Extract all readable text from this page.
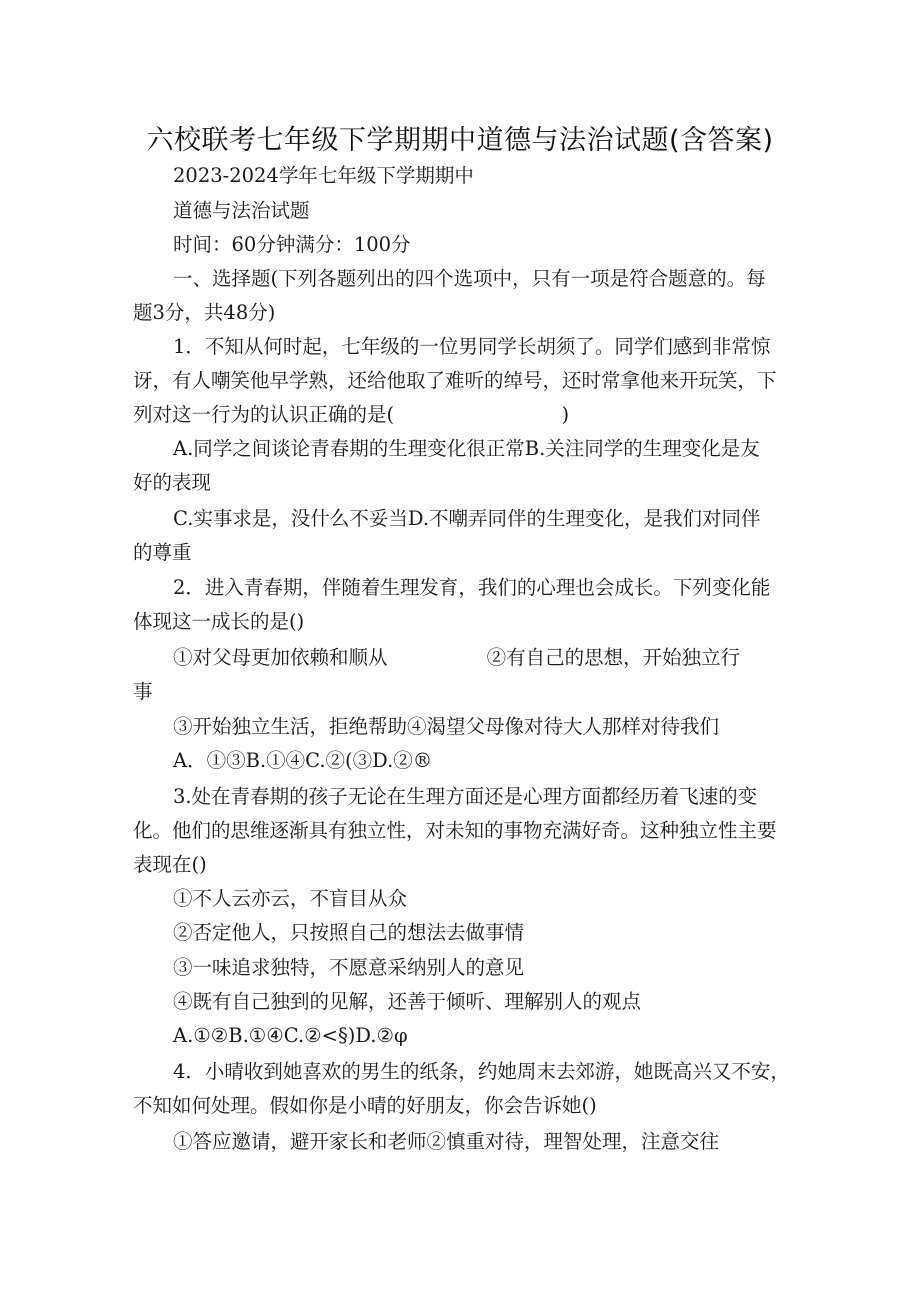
六校联考七年级下学期期中道德与法治试题(含答案)
2023-2024学年七年级下学期期中
道德与法治试题
时间：60分钟满分：100分
一、选择题(下列各题列出的四个选项中，只有一项是符合题意的。每
题3分，共48分)
1．不知从何时起，七年级的一位男同学长胡须了。同学们感到非常惊
讶，有人嘲笑他早学熟，还给他取了难听的绰号，还时常拿他来开玩笑，下
列对这一行为的认识正确的是(                           )
A.同学之间谈论青春期的生理变化很正常B.关注同学的生理变化是友
好的表现
C.实事求是，没什么不妥当D.不嘲弄同伴的生理变化，是我们对同伴
的尊重
2．进入青春期，伴随着生理发育，我们的心理也会成长。下列变化能
体现这一成长的是()
①对父母更加依赖和顺从                ②有自己的思想，开始独立行
事
③开始独立生活，拒绝帮助④渴望父母像对待大人那样对待我们
A．①③B.①④C.②(③D.②®
3.处在青春期的孩子无论在生理方面还是心理方面都经历着飞速的变
化。他们的思维逐渐具有独立性，对未知的事物充满好奇。这种独立性主要
表现在()
①不人云亦云，不盲目从众
②否定他人，只按照自己的想法去做事情
③一味追求独特，不愿意采纳别人的意见
④既有自己独到的见解，还善于倾听、理解别人的观点
A.①②B.①④C.②<§)D.②φ
4．小晴收到她喜欢的男生的纸条，约她周末去郊游，她既高兴又不安，
不知如何处理。假如你是小晴的好朋友，你会告诉她()
①答应邀请，避开家长和老师②慎重对待，理智处理，注意交往
